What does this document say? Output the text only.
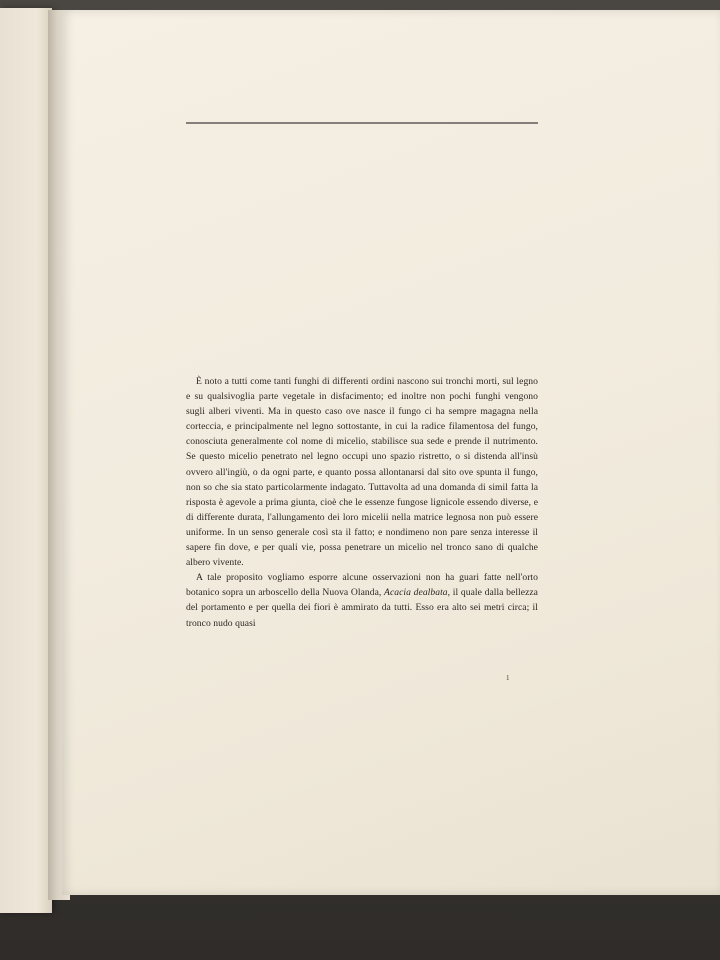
È noto a tutti come tanti funghi di differenti ordini nascono sui tronchi morti, sul legno e su qualsivoglia parte vegetale in disfacimento; ed inoltre non pochi funghi vengono sugli alberi viventi. Ma in questo caso ove nasce il fungo ci ha sempre magagna nella corteccia, e principalmente nel legno sottostante, in cui la radice filamentosa del fungo, conosciuta generalmente col nome di micelio, stabilisce sua sede e prende il nutrimento. Se questo micelio penetrato nel legno occupi uno spazio ristretto, o si distenda all'insù ovvero all'ingiù, o da ogni parte, e quanto possa allontanarsi dal sito ove spunta il fungo, non so che sia stato particolarmente indagato. Tuttavolta ad una domanda di simil fatta la risposta è agevole a prima giunta, cioè che le essenze fungose lignicole essendo diverse, e di differente durata, l'allungamento dei loro micelii nella matrice legnosa non può essere uniforme. In un senso generale così sta il fatto; e nondimeno non pare senza interesse il sapere fin dove, e per quali vie, possa penetrare un micelio nel tronco sano di qualche albero vivente.

A tale proposito vogliamo esporre alcune osservazioni non ha guari fatte nell'orto botanico sopra un arboscello della Nuova Olanda, Acacia dealbata, il quale dalla bellezza del portamento e per quella dei fiori è ammirato da tutti. Esso era alto sei metri circa; il tronco nudo quasi

1
